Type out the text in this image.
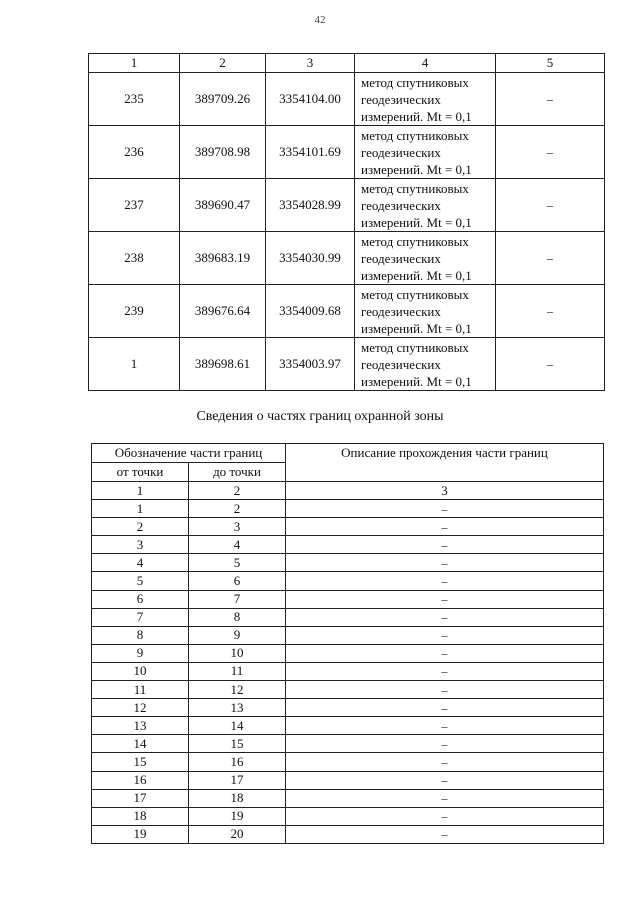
42
1	2	3	4	5
235	389709.26	3354104.00	метод спутниковых
геодезических
измерений. Mt = 0,1	–
236	389708.98	3354101.69	метод спутниковых
геодезических
измерений. Mt = 0,1	–
237	389690.47	3354028.99	метод спутниковых
геодезических
измерений. Mt = 0,1	–
238	389683.19	3354030.99	метод спутниковых
геодезических
измерений. Mt = 0,1	–
239	389676.64	3354009.68	метод спутниковых
геодезических
измерений. Mt = 0,1	–
1	389698.61	3354003.97	метод спутниковых
геодезических
измерений. Mt = 0,1	–
Сведения о частях границ охранной зоны
Обозначение части границ		Описание прохождения части границ
от точки	до точки	
1	2	3
1	2	–
2	3	–
3	4	–
4	5	–
5	6	–
6	7	–
7	8	–
8	9	–
9	10	–
10	11	–
11	12	–
12	13	–
13	14	–
14	15	–
15	16	–
16	17	–
17	18	–
18	19	–
19	20	–
